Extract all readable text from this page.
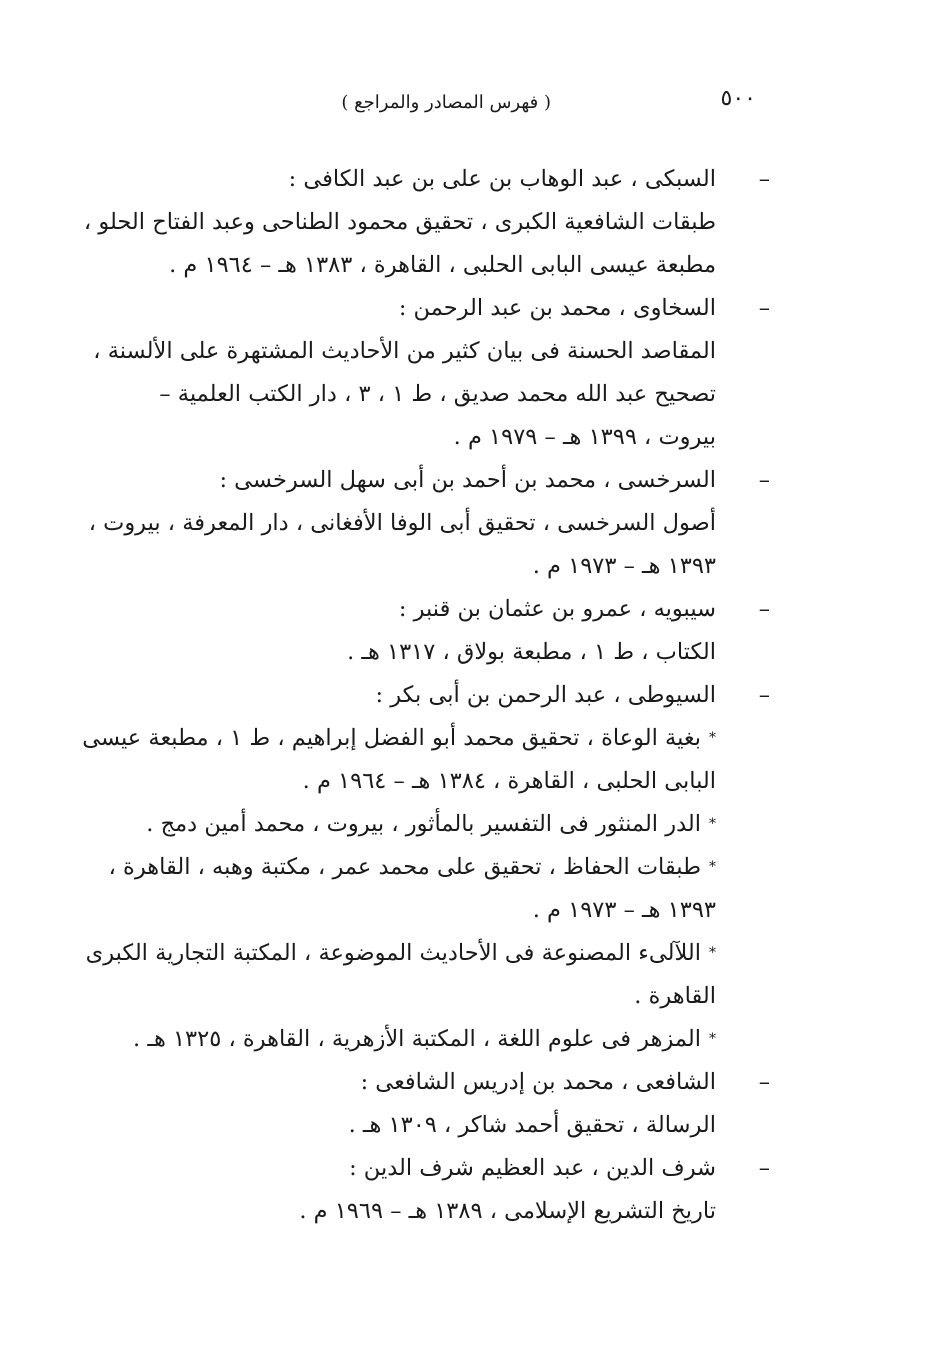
٥٠٠
( فهرس المصادر والمراجع )
–
السبكى ، عبد الوهاب بن على بن عبد الكافى :
طبقات الشافعية الكبرى ، تحقيق محمود الطناحى وعبد الفتاح الحلو ،
مطبعة عيسى البابى الحلبى ، القاهرة ، ١٣٨٣ هـ – ١٩٦٤ م .
–
السخاوى ، محمد بن عبد الرحمن :
المقاصد الحسنة فى بيان كثير من الأحاديث المشتهرة على الألسنة ،
تصحيح عبد الله محمد صديق ، ط ١ ، ٣ ، دار الكتب العلمية –
بيروت ، ١٣٩٩ هـ – ١٩٧٩ م .
–
السرخسى ، محمد بن أحمد بن أبى سهل السرخسى :
أصول السرخسى ، تحقيق أبى الوفا الأفغانى ، دار المعرفة ، بيروت ،
١٣٩٣ هـ – ١٩٧٣ م .
–
سيبويه ، عمرو بن عثمان بن قنبر :
الكتاب ، ط ١ ، مطبعة بولاق ، ١٣١٧ هـ .
–
السيوطى ، عبد الرحمن بن أبى بكر :
*بغية الوعاة ، تحقيق محمد أبو الفضل إبراهيم ، ط ١ ، مطبعة عيسى
البابى الحلبى ، القاهرة ، ١٣٨٤ هـ – ١٩٦٤ م .
*الدر المنثور فى التفسير بالمأثور ، بيروت ، محمد أمين دمج .
*طبقات الحفاظ ، تحقيق على محمد عمر ، مكتبة وهبه ، القاهرة ،
١٣٩٣ هـ – ١٩٧٣ م .
*اللآلىء المصنوعة فى الأحاديث الموضوعة ، المكتبة التجارية الكبرى
القاهرة .
*المزهر فى علوم اللغة ، المكتبة الأزهرية ، القاهرة ، ١٣٢٥ هـ .
–
الشافعى ، محمد بن إدريس الشافعى :
الرسالة ، تحقيق أحمد شاكر ، ١٣٠٩ هـ .
–
شرف الدين ، عبد العظيم شرف الدين :
تاريخ التشريع الإسلامى ، ١٣٨٩ هـ – ١٩٦٩ م .
